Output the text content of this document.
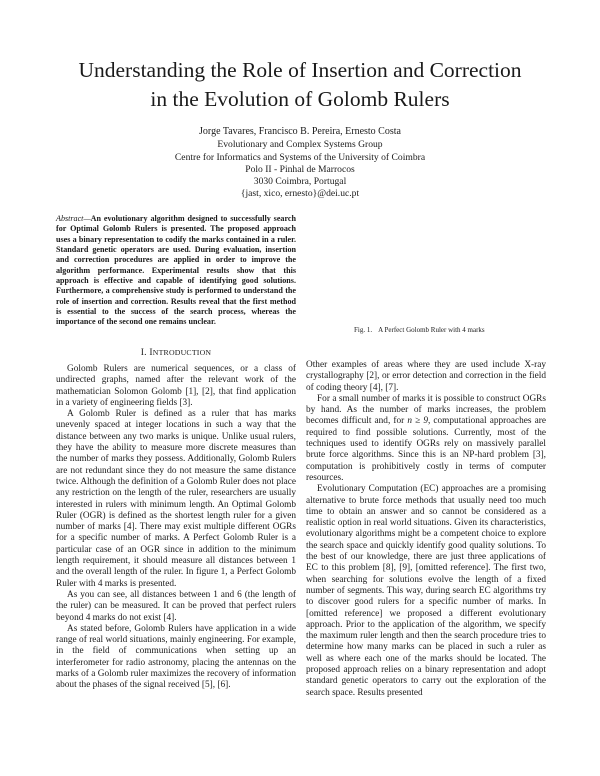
Understanding the Role of Insertion and Correction
in the Evolution of Golomb Rulers
Jorge Tavares, Francisco B. Pereira, Ernesto Costa
Evolutionary and Complex Systems Group
Centre for Informatics and Systems of the University of Coimbra
Polo II - Pinhal de Marrocos
3030 Coimbra, Portugal
{jast, xico, ernesto}@dei.uc.pt
Abstract—An evolutionary algorithm designed to successfully search for Optimal Golomb Rulers is presented. The proposed approach uses a binary representation to codify the marks contained in a ruler. Standard genetic operators are used. During evaluation, insertion and correction procedures are applied in order to improve the algorithm performance. Experimental results show that this approach is effective and capable of identifying good solutions. Furthermore, a comprehensive study is performed to understand the role of insertion and correction. Results reveal that the first method is essential to the success of the search process, whereas the importance of the second one remains unclear.
Fig. 1. A Perfect Golomb Ruler with 4 marks
I. INTRODUCTION

Golomb Rulers are numerical sequences, or a class of undirected graphs, named after the relevant work of the mathematician Solomon Golomb [1], [2], that find application in a variety of engineering fields [3].

A Golomb Ruler is defined as a ruler that has marks unevenly spaced at integer locations in such a way that the distance between any two marks is unique. Unlike usual rulers, they have the ability to measure more discrete measures than the number of marks they possess. Additionally, Golomb Rulers are not redundant since they do not measure the same distance twice. Although the definition of a Golomb Ruler does not place any restriction on the length of the ruler, researchers are usually interested in rulers with minimum length. An Optimal Golomb Ruler (OGR) is defined as the shortest length ruler for a given number of marks [4]. There may exist multiple different OGRs for a specific number of marks. A Perfect Golomb Ruler is a particular case of an OGR since in addition to the minimum length requirement, it should measure all distances between 1 and the overall length of the ruler. In figure 1, a Perfect Golomb Ruler with 4 marks is presented.

As you can see, all distances between 1 and 6 (the length of the ruler) can be measured. It can be proved that perfect rulers beyond 4 marks do not exist [4].

As stated before, Golomb Rulers have application in a wide range of real world situations, mainly engineering. For example, in the field of communications when setting up an interferometer for radio astronomy, placing the antennas on the marks of a Golomb ruler maximizes the recovery of information about the phases of the signal received [5], [6].

Other examples of areas where they are used include X-ray crystallography [2], or error detection and correction in the field of coding theory [4], [7].

For a small number of marks it is possible to construct OGRs by hand. As the number of marks increases, the problem becomes difficult and, for n ≥ 9, computational approaches are required to find possible solutions. Currently, most of the techniques used to identify OGRs rely on massively parallel brute force algorithms. Since this is an NP-hard problem [3], computation is prohibitively costly in terms of computer resources.

Evolutionary Computation (EC) approaches are a promising alternative to brute force methods that usually need too much time to obtain an answer and so cannot be considered as a realistic option in real world situations. Given its characteristics, evolutionary algorithms might be a competent choice to explore the search space and quickly identify good quality solutions. To the best of our knowledge, there are just three applications of EC to this problem [8], [9], [omitted reference]. The first two, when searching for solutions evolve the length of a fixed number of segments. This way, during search EC algorithms try to discover good rulers for a specific number of marks. In [omitted reference] we proposed a different evolutionary approach. Prior to the application of the algorithm, we specify the maximum ruler length and then the search procedure tries to determine how many marks can be placed in such a ruler as well as where each one of the marks should be located. The proposed approach relies on a binary representation and adopt standard genetic operators to carry out the exploration of the search space. Results presented
